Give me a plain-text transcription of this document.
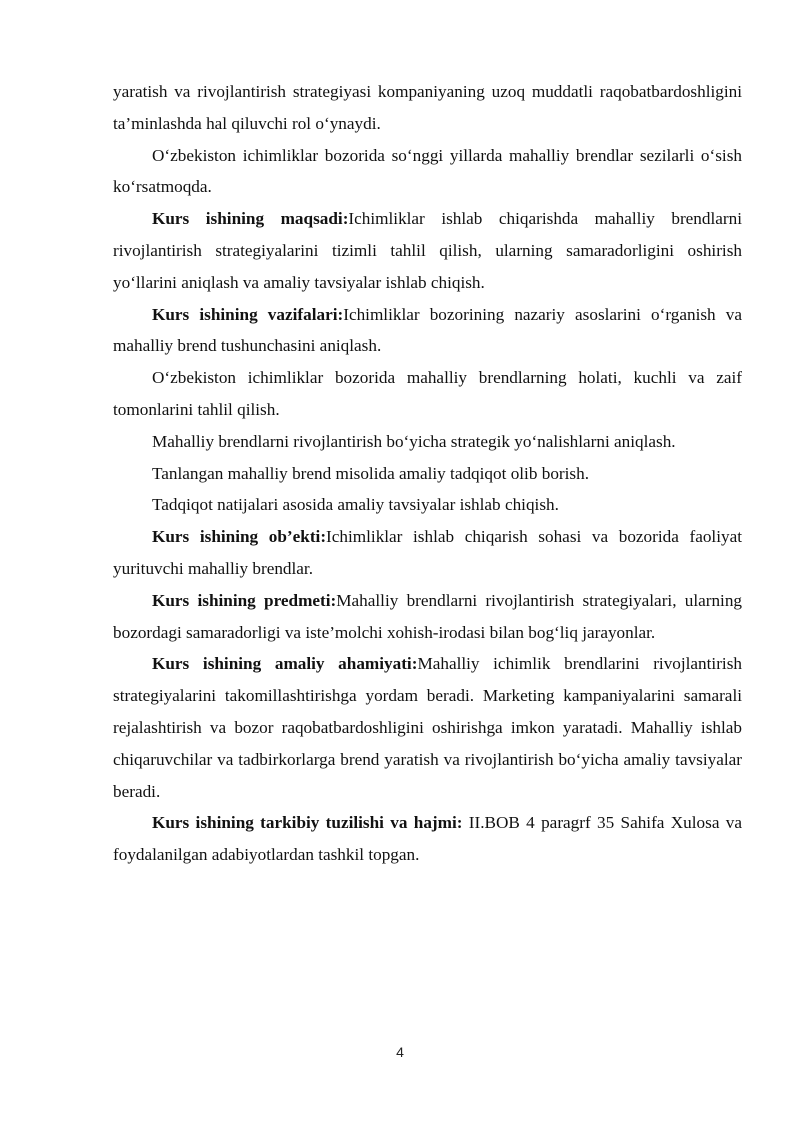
yaratish va rivojlantirish strategiyasi kompaniyaning uzoq muddatli raqobatbardoshligini ta’minlashda hal qiluvchi rol o‘ynaydi.

O‘zbekiston ichimliklar bozorida so‘nggi yillarda mahalliy brendlar sezilarli o‘sish ko‘rsatmoqda.

Kurs ishining maqsadi:Ichimliklar ishlab chiqarishda mahalliy brendlarni rivojlantirish strategiyalarini tizimli tahlil qilish, ularning samaradorligini oshirish yo‘llarini aniqlash va amaliy tavsiyalar ishlab chiqish.

Kurs ishining vazifalari:Ichimliklar bozorining nazariy asoslarini o‘rganish va mahalliy brend tushunchasini aniqlash.

O‘zbekiston ichimliklar bozorida mahalliy brendlarning holati, kuchli va zaif tomonlarini tahlil qilish.

Mahalliy brendlarni rivojlantirish bo‘yicha strategik yo‘nalishlarni aniqlash.

Tanlangan mahalliy brend misolida amaliy tadqiqot olib borish.

Tadqiqot natijalari asosida amaliy tavsiyalar ishlab chiqish.

Kurs ishining ob’ekti:Ichimliklar ishlab chiqarish sohasi va bozorida faoliyat yurituvchi mahalliy brendlar.

Kurs ishining predmeti:Mahalliy brendlarni rivojlantirish strategiyalari, ularning bozordagi samaradorligi va iste’molchi xohish-irodasi bilan bog‘liq jarayonlar.

Kurs ishining amaliy ahamiyati:Mahalliy ichimlik brendlarini rivojlantirish strategiyalarini takomillashtirishga yordam beradi. Marketing kampaniyalarini samarali rejalashtirish va bozor raqobatbardoshligini oshirishga imkon yaratadi. Mahalliy ishlab chiqaruvchilar va tadbirkorlarga brend yaratish va rivojlantirish bo‘yicha amaliy tavsiyalar beradi.

Kurs ishining tarkibiy tuzilishi va hajmi: II.BOB 4 paragrf 35 Sahifa Xulosa va foydalanilgan adabiyotlardan tashkil topgan.

4
